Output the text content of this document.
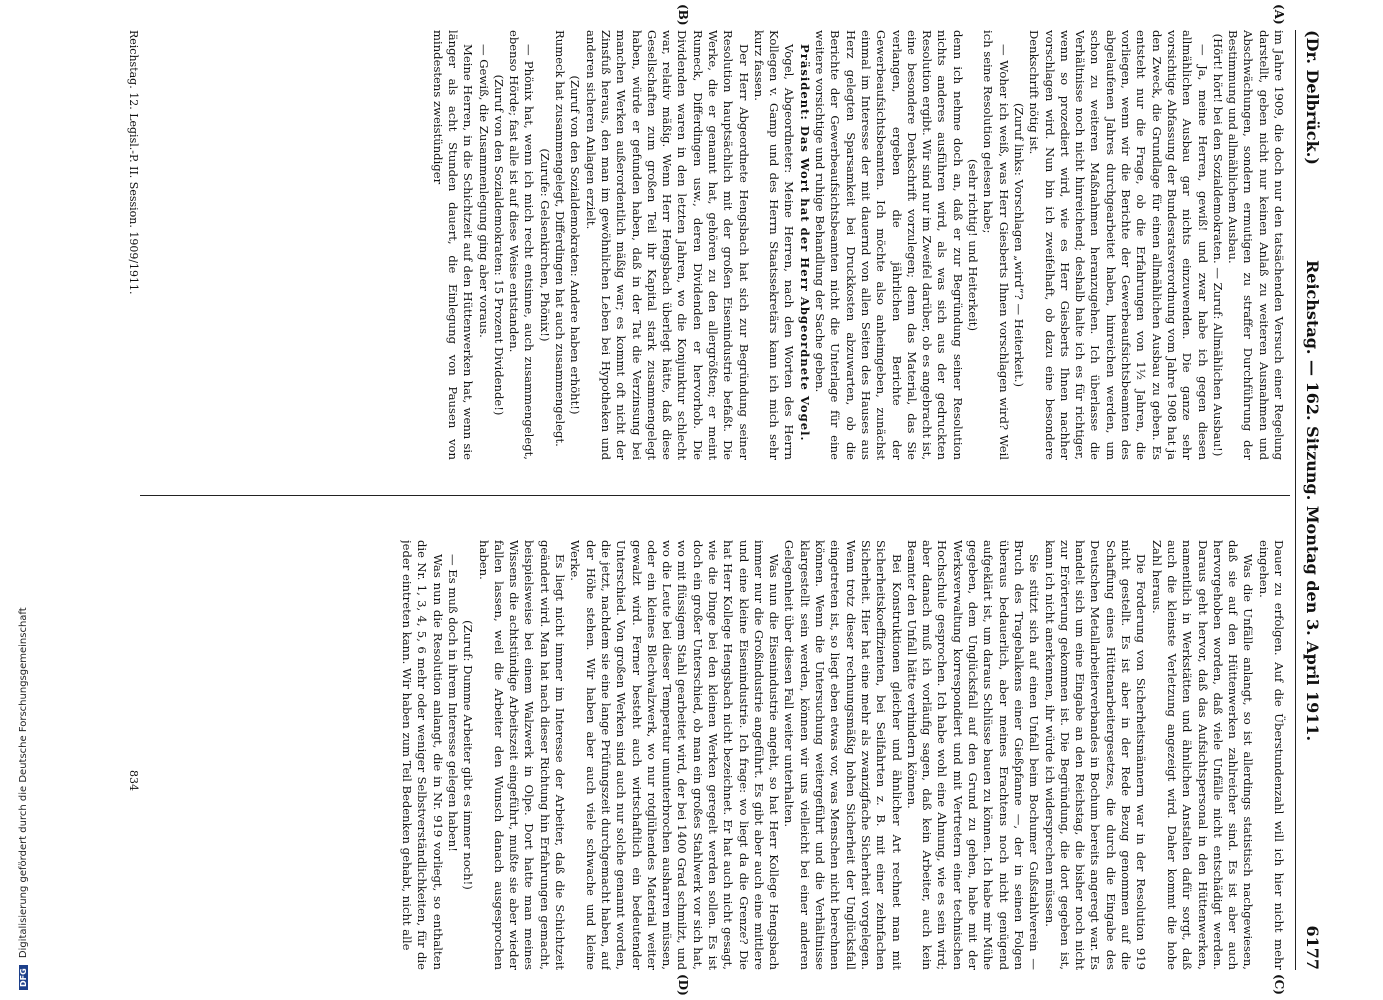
(Dr. Delbrück.)
Reichstag. — 162. Sitzung. Montag den 3. April 1911.
6177
(A)
(B)
(C)
(D)

im Jahre 1909, die doch nur den tatsächenden Versuch einer Regelung darstellt, geben nicht nur keinen Anlaß zu weiteren Ausnahmen und Abschwächungen, sondern ermutigen zu straffer Durchführung der Bestimmung und allmählichem Ausbau.

(Hört! hört! bei den Sozialdemokraten. — Zuruf: Allmählichen Ausbau!)

— Ja, meine Herren, gewiß! und zwar habe ich gegen diesen allmählichen Ausbau gar nichts einzuwenden. Die ganze sehr vorsichtige Abfassung der Bundesratsverordnung vom Jahre 1908 hat ja den Zweck, die Grundlage für einen allmählichen Ausbau zu geben. Es entsteht nur die Frage, ob die Erfahrungen von 1½ Jahren, die vorliegen, wenn wir die Berichte der Gewerbeaufsichtsbeamten des abgelaufenen Jahres durchgearbeitet haben, hinreichen werden, um schon zu weiteren Maßnahmen heranzugehen. Ich überlasse die Verhältnisse noch nicht hinreichend; deshalb halte ich es für richtiger, wenn so prozediert wird, wie es Herr Giesberts Ihnen nachher vorschlagen wird. Nun bin ich zweifelhaft, ob dazu eine besondere Denkschrift nötig ist.

(Zuruf links: Vorschlagen „wird“? — Heiterkeit.)

— Woher ich weiß, was Herr Giesberts Ihnen vorschlagen wird? Weil ich seine Resolution gelesen habe;

(sehr richtig! und Heiterkeit)

denn ich nehme doch an, daß er zur Begründung seiner Resolution nichts anderes ausführen wird, als was sich aus der gedruckten Resolution ergibt. Wir sind nur im Zweifel darüber, ob es angebracht ist, eine besondere Denkschrift vorzulegen; denn das Material, das Sie verlangen, ergeben die jährlichen Berichte der Gewerbeaufsichtsbeamten. Ich möchte also anheimgeben, zunächst einmal im Interesse der mit dauernd von allen Seiten des Hauses aus Herz gelegten Sparsamkeit bei Druckkosten abzuwarten, ob die Berichte der Gewerbeaufsichtsbeamten nicht die Unterlage für eine weitere vorsichtige und ruhige Behandlung der Sache geben.

Präsident: Das Wort hat der Herr Abgeordnete Vogel.

Vogel, Abgeordneter: Meine Herren, nach den Worten des Herrn Kollegen v. Gamp und des Herrn Staatssekretärs kann ich mich sehr kurz fassen.

Der Herr Abgeordnete Hengsbach hat sich zur Begründung seiner Resolution hauptsächlich mit der großen Eisenindustrie befaßt. Die Werke, die er genannt hat, gehören zu den allergrößten; er meint Rumeck, Differdingen usw., deren Dividenden er hervorhob. Die Dividenden waren in den letzten Jahren, wo die Konjunktur schlecht war, relativ mäßig. Wenn Herr Hengsbach überlegt hätte, daß diese Gesellschaften zum großen Teil ihr Kapital stark zusammengelegt haben, würde er gefunden haben, daß in der Tat die Verzinsung bei manchen Werken außerordentlich mäßig war; es kommt oft nicht der Zinsfuß heraus, den man im gewöhnlichen Leben bei Hypotheken und anderen sicheren Anlagen erzielt.

(Zuruf von den Sozialdemokraten: Andere haben erhöht!)

Rumeck hat zusammengelegt, Differdingen hat auch zusammengelegt.

(Zurufe: Gelsenkirchen, Phönix!)

— Phönix hat, wenn ich mich recht entsinne, auch zusammengelegt, ebenso Hörde; fast alle ist auf diese Weise entstanden.

(Zuruf von den Sozialdemokraten: 15 Prozent Dividende!)

— Gewiß, die Zusammenlegung ging aber voraus.

Meine Herren, in die Schichtzeit auf den Hüttenwerken hat, wenn sie länger als acht Stunden dauert, die Einlegung von Pausen von mindestens zweistündiger

Dauer zu erfolgen. Auf die Überstundenzahl will ich hier nicht mehr eingehen.

Was die Unfälle anlangt, so ist allerdings statistisch nachgewiesen, daß sie auf den Hüttenwerken zahlreicher sind. Es ist aber auch hervorgehoben worden, daß viele Unfälle nicht entschädigt werden. Daraus geht hervor, daß das Aufsichtspersonal in den Hüttenwerken, namentlich in Werkstätten und ähnlichen Anstalten dafür sorgt, daß auch die kleinste Verletzung angezeigt wird. Daher kommt die hohe Zahl heraus.

Die Forderung von Sicherheitsmännern war in der Resolution 919 nicht gestellt. Es ist aber in der Rede Bezug genommen auf die Schaffung eines Hüttenarbeitergesetzes, die durch die Eingabe des Deutschen Metallarbeiterverbandes in Bochum bereits angeregt war. Es handelt sich um eine Eingabe an den Reichstag, die bisher noch nicht zur Erörterung gekommen ist. Die Begründung, die dort gegeben ist, kann ich nicht anerkennen, ihr würde ich widersprechen müssen.

Sie stützt sich auf einen Unfall beim Bochumer Gußstahlverein — Bruch des Tragebalkens einer Gießpfanne —, der in seinen Folgen überaus bedauerlich, aber meines Erachtens noch nicht genügend aufgeklärt ist, um daraus Schlüsse bauen zu können. Ich habe mir Mühe gegeben, dem Unglücksfall auf den Grund zu gehen, habe mit der Werksverwaltung korrespondiert und mit Vertretern einer technischen Hochschule gesprochen. Ich habe wohl eine Ahnung, wie es sein wird; aber danach muß ich vorläufig sagen, daß kein Arbeiter, auch kein Beamter den Unfall hätte verhindern können.

Bei Konstruktionen gleicher und ähnlicher Art rechnet man mit Sicherheitskoeffizienten, bei Seilfahrten z. B. mit einer zehnfachen Sicherheit. Hier hat eine mehr als zwanzigfache Sicherheit vorgelegen. Wenn trotz dieser rechnungsmäßig hohen Sicherheit der Unglücksfall eingetreten ist, so liegt eben etwas vor, was Menschen nicht berechnen können. Wenn die Untersuchung weitergeführt und die Verhältnisse klargestellt sein werden, können wir uns vielleicht bei einer anderen Gelegenheit über diesen Fall weiter unterhalten.

Was nun die Eisenindustrie angeht, so hat Herr Kollege Hengsbach immer nur die Großindustrie angeführt. Es gibt aber auch eine mittlere und eine kleine Eisenindustrie. Ich frage: wo liegt da die Grenze? Die hat Herr Kollege Hengsbach nicht bezeichnet. Er hat auch nicht gesagt, wie die Dinge bei den kleinen Werken geregelt werden sollen. Es ist doch ein großer Unterschied, ob man ein großes Stahlwerk vor sich hat, wo mit flüssigem Stahl gearbeitet wird, der bei 1400 Grad schmilzt, und wo die Leute bei dieser Temperatur ununterbrochen ausharren müssen, oder ein kleines Blechwalzwerk, wo nur rotglühendes Material weiter gewalzt wird. Ferner besteht auch wirtschaftlich ein bedeutender Unterschied. Von großen Werken sind auch nur solche genannt worden, die jetzt, nachdem sie eine lange Prüfungszeit durchgemacht haben, auf der Höhe stehen. Wir haben aber auch viele schwache und kleine Werke.

Es liegt nicht immer im Interesse der Arbeiter, daß die Schichtzeit geändert wird. Man hat nach dieser Richtung hin Erfahrungen gemacht, beispielsweise bei einem Walzwerk in Olpe. Dort hatte man meines Wissens die achtstündige Arbeitszeit eingeführt, mußte sie aber wieder fallen lassen, weil die Arbeiter den Wunsch danach ausgesprochen haben.

(Zuruf: Dumme Arbeiter gibt es immer noch!)

— Es muß doch in ihrem Interesse gelegen haben!

Was nun die Resolution anlangt, die in Nr. 919 vorliegt, so enthalten die Nr. 1, 3, 4, 5, 6 mehr oder weniger Selbstverständlichkeiten, für die jeder eintreten kann. Wir haben zum Teil Bedenken gehabt, nicht alle

Reichstag. 12. Legisl.-P. II. Session. 1909/1911.
834
DFG Digitalisierung gefördert durch die Deutsche Forschungsgemeinschaft
